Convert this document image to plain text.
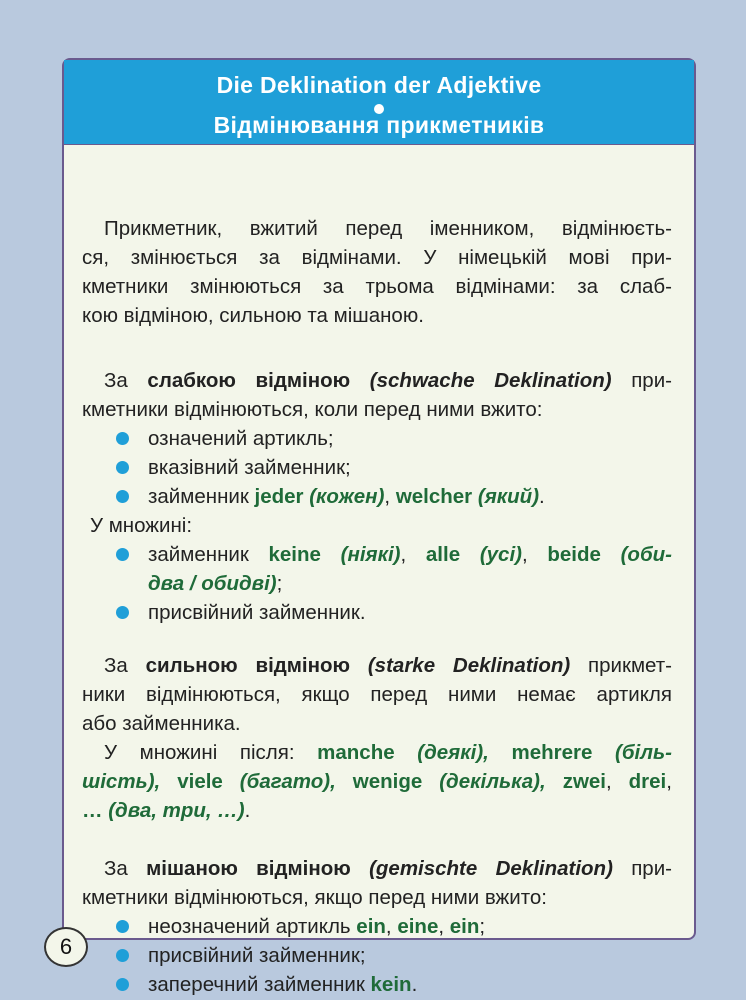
Die Deklination der Adjektive
Відмінювання прикметників
Прикметник, вжитий перед іменником, відмінюєть-
ся, змінюється за відмінами. У німецькій мові при-
кметники змінюються за трьома відмінами: за слаб-
кою відміною, сильною та мішаною.
За слабкою відміною (schwache Deklination) при-
кметники відмінюються, коли перед ними вжито:
означений артикль;
вказівний займенник;
займенник jeder (кожен), welcher (який).
У множині:
займенник keine (ніякі), alle (усі), beide (оби-
два / обидві);
присвійний займенник.
За сильною відміною (starke Deklination) прикмет-
ники відмінюються, якщо перед ними немає артикля
або займенника.
У множині після: manche (деякі), mehrere (біль-
шість), viele (багато), wenige (декілька), zwei, drei,
… (два, три, …).
За мішаною відміною (gemischte Deklination) при-
кметники відмінюються, якщо перед ними вжито:
неозначений артикль ein, eine, ein;
присвійний займенник;
заперечний займенник kein.
6
